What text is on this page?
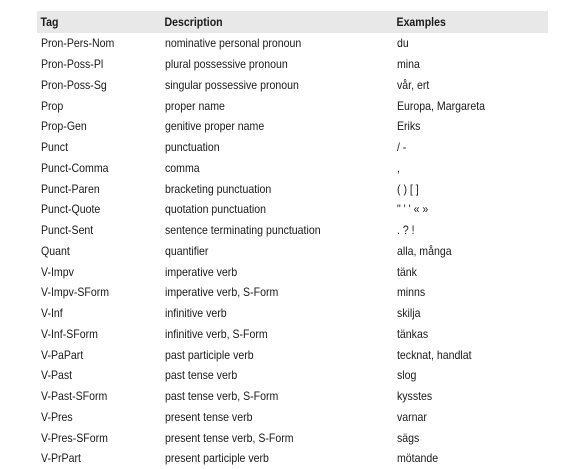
Tag	Description	Examples
Pron-Pers-Nom	nominative personal pronoun	du
Pron-Poss-Pl	plural possessive pronoun	mina
Pron-Poss-Sg	singular possessive pronoun	vår, ert
Prop	proper name	Europa, Margareta
Prop-Gen	genitive proper name	Eriks
Punct	punctuation	/ -
Punct-Comma	comma	,
Punct-Paren	bracketing punctuation	( ) [ ]
Punct-Quote	quotation punctuation	" ' ' « »
Punct-Sent	sentence terminating punctuation	. ? !
Quant	quantifier	alla, många
V-Impv	imperative verb	tänk
V-Impv-SForm	imperative verb, S-Form	minns
V-Inf	infinitive verb	skilja
V-Inf-SForm	infinitive verb, S-Form	tänkas
V-PaPart	past participle verb	tecknat, handlat
V-Past	past tense verb	slog
V-Past-SForm	past tense verb, S-Form	kysstes
V-Pres	present tense verb	varnar
V-Pres-SForm	present tense verb, S-Form	sägs
V-PrPart	present participle verb	mötande
